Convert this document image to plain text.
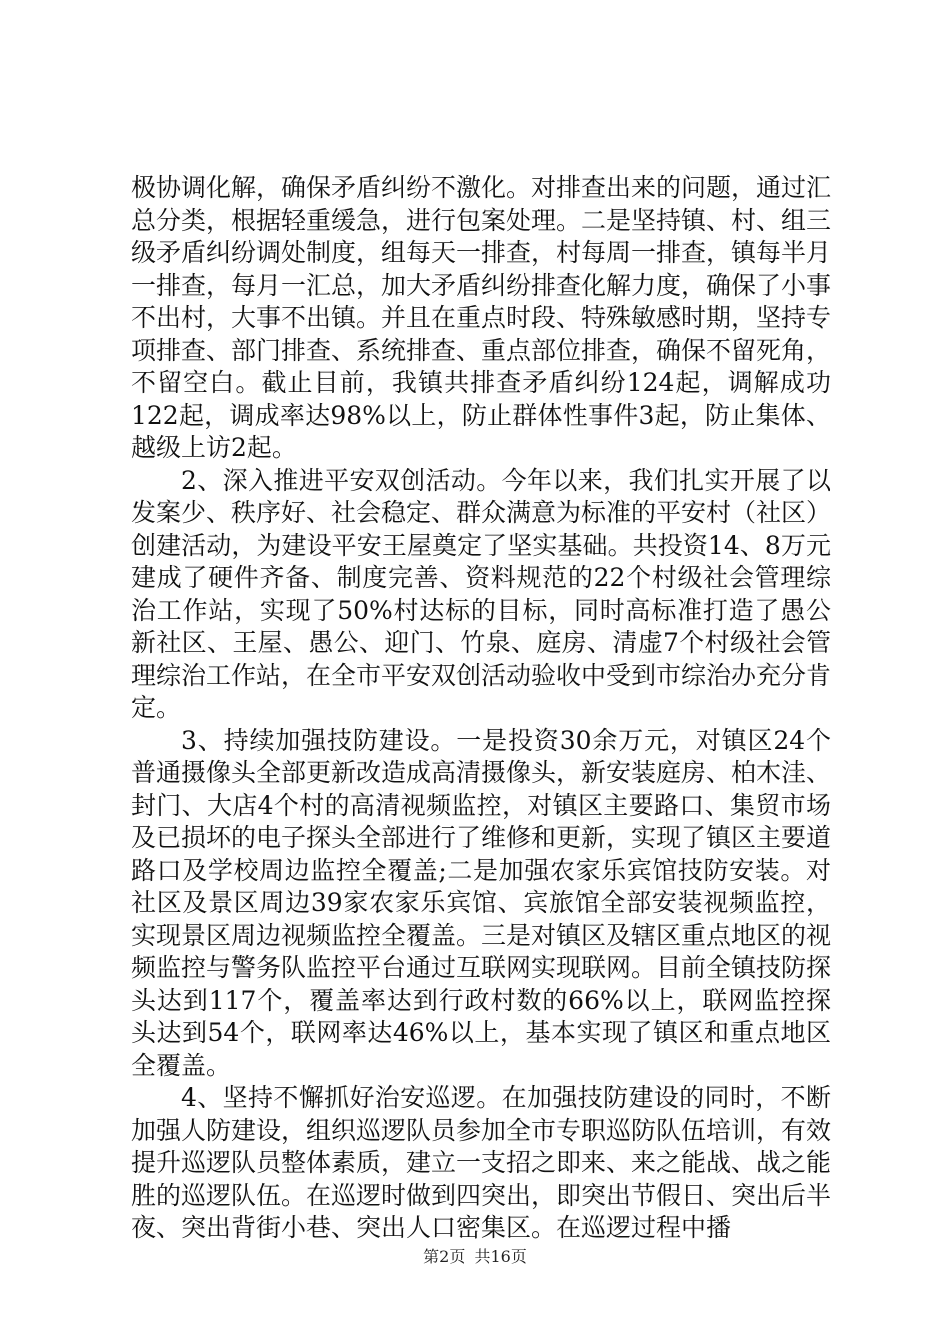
极协调化解，确保矛盾纠纷不激化。对排查出来的问题，通过汇总分类，根据轻重缓急，进行包案处理。二是坚持镇、村、组三级矛盾纠纷调处制度，组每天一排查，村每周一排查，镇每半月一排查，每月一汇总，加大矛盾纠纷排查化解力度，确保了小事不出村，大事不出镇。并且在重点时段、特殊敏感时期，坚持专项排查、部门排查、系统排查、重点部位排查，确保不留死角，不留空白。截止目前，我镇共排查矛盾纠纷124起，调解成功122起，调成率达98%以上，防止群体性事件3起，防止集体、越级上访2起。

2、深入推进平安双创活动。今年以来，我们扎实开展了以发案少、秩序好、社会稳定、群众满意为标准的平安村（社区）创建活动，为建设平安王屋奠定了坚实基础。共投资14、8万元建成了硬件齐备、制度完善、资料规范的22个村级社会管理综治工作站，实现了50%村达标的目标，同时高标准打造了愚公新社区、王屋、愚公、迎门、竹泉、庭房、清虚7个村级社会管理综治工作站，在全市平安双创活动验收中受到市综治办充分肯定。

3、持续加强技防建设。一是投资30余万元，对镇区24个普通摄像头全部更新改造成高清摄像头，新安装庭房、柏木洼、封门、大店4个村的高清视频监控，对镇区主要路口、集贸市场及已损坏的电子探头全部进行了维修和更新，实现了镇区主要道路口及学校周边监控全覆盖;二是加强农家乐宾馆技防安装。对社区及景区周边39家农家乐宾馆、宾旅馆全部安装视频监控，实现景区周边视频监控全覆盖。三是对镇区及辖区重点地区的视频监控与警务队监控平台通过互联网实现联网。目前全镇技防探头达到117个，覆盖率达到行政村数的66%以上，联网监控探头达到54个，联网率达46%以上，基本实现了镇区和重点地区全覆盖。

4、坚持不懈抓好治安巡逻。在加强技防建设的同时，不断加强人防建设，组织巡逻队员参加全市专职巡防队伍培训，有效提升巡逻队员整体素质，建立一支招之即来、来之能战、战之能胜的巡逻队伍。在巡逻时做到四突出，即突出节假日、突出后半夜、突出背街小巷、突出人口密集区。在巡逻过程中播

第2页 共16页
